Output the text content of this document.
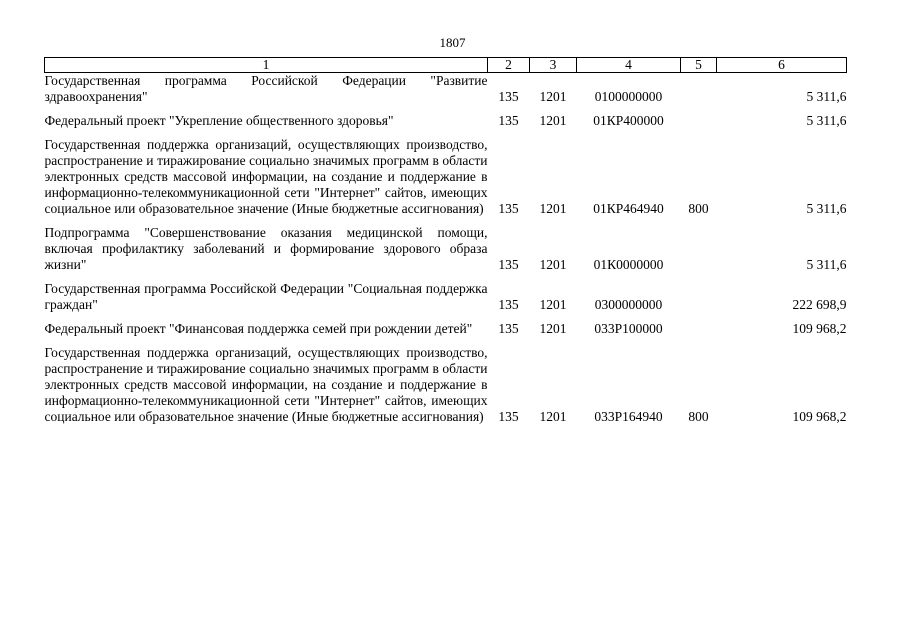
1807
1	2	3	4	5	6
Государственная программа Российской Федерации "Развитие здравоохранения"	135	1201	0100000000		5 311,6

Федеральный проект "Укрепление общественного здоровья"	135	1201	01КР400000		5 311,6

Государственная поддержка организаций, осуществляющих производство, распространение и тиражирование социально значимых программ в области электронных средств массовой информации, на создание и поддержание в информационно-телекоммуникационной сети "Интернет" сайтов, имеющих социальное или образовательное значение (Иные бюджетные ассигнования)	135	1201	01КР464940	800	5 311,6

Подпрограмма "Совершенствование оказания медицинской помощи, включая профилактику заболеваний и формирование здорового образа жизни"	135	1201	01К0000000		5 311,6

Государственная программа Российской Федерации "Социальная поддержка граждан"	135	1201	0300000000		222 698,9

Федеральный проект "Финансовая поддержка семей при рождении детей"	135	1201	033Р100000		109 968,2

Государственная поддержка организаций, осуществляющих производство, распространение и тиражирование социально значимых программ в области электронных средств массовой информации, на создание и поддержание в информационно-телекоммуникационной сети "Интернет" сайтов, имеющих социальное или образовательное значение (Иные бюджетные ассигнования)	135	1201	033Р164940	800	109 968,2
